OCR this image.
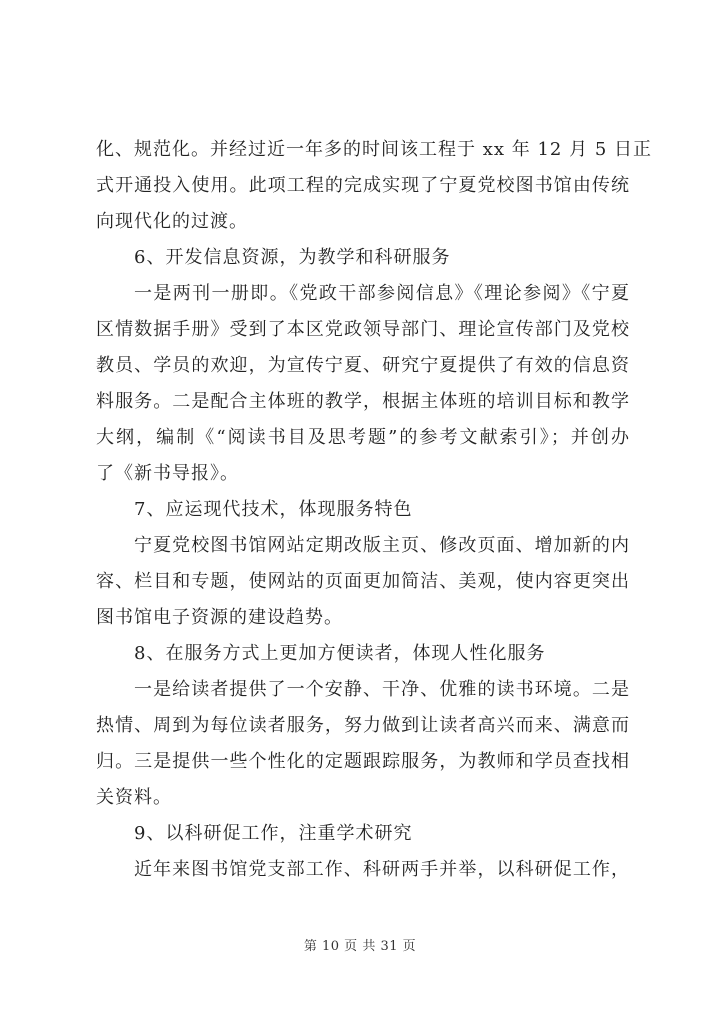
化、规范化。并经过近一年多的时间该工程于 xx 年 12 月 5 日正
式开通投入使用。此项工程的完成实现了宁夏党校图书馆由传统
向现代化的过渡。
6、开发信息资源，为教学和科研服务
一是两刊一册即。《党政干部参阅信息》《理论参阅》《宁夏
区情数据手册》受到了本区党政领导部门、理论宣传部门及党校
教员、学员的欢迎，为宣传宁夏、研究宁夏提供了有效的信息资
料服务。二是配合主体班的教学，根据主体班的培训目标和教学
大纲，编制《“阅读书目及思考题”的参考文献索引》；并创办
了《新书导报》。
7、应运现代技术，体现服务特色
宁夏党校图书馆网站定期改版主页、修改页面、增加新的内
容、栏目和专题，使网站的页面更加简洁、美观，使内容更突出
图书馆电子资源的建设趋势。
8、在服务方式上更加方便读者，体现人性化服务
一是给读者提供了一个安静、干净、优雅的读书环境。二是
热情、周到为每位读者服务，努力做到让读者高兴而来、满意而
归。三是提供一些个性化的定题跟踪服务，为教师和学员查找相
关资料。
9、以科研促工作，注重学术研究
近年来图书馆党支部工作、科研两手并举，以科研促工作，
第 10 页 共 31 页
